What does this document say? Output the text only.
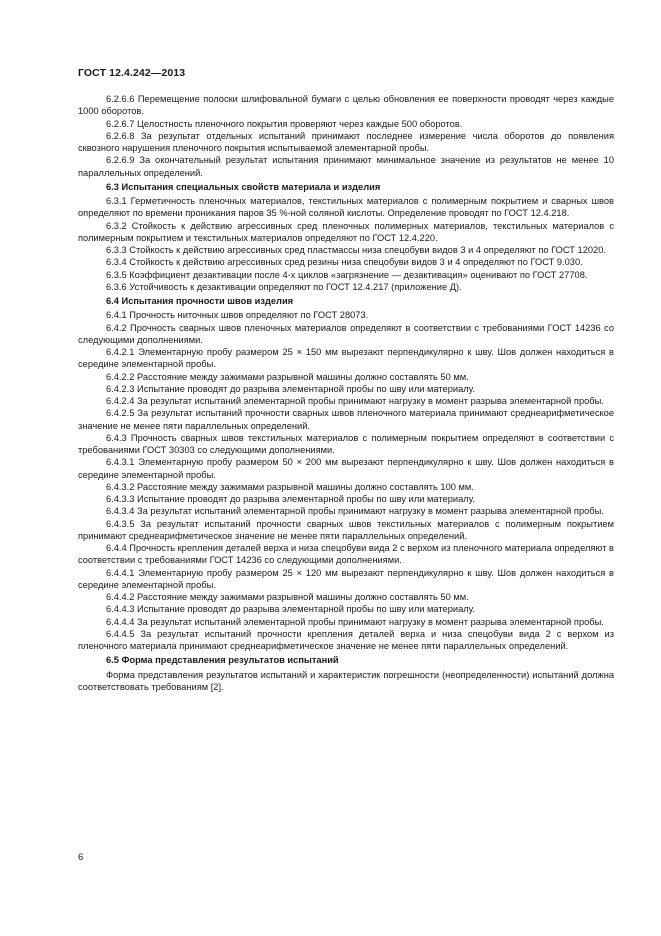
ГОСТ 12.4.242—2013

6.2.6.6 Перемещение полоски шлифовальной бумаги с целью обновления ее поверхности проводят через каждые 1000 оборотов.

6.2.6.7 Целостность пленочного покрытия проверяют через каждые 500 оборотов.

6.2.6.8 За результат отдельных испытаний принимают последнее измерение числа оборотов до появления сквозного нарушения пленочного покрытия испытываемой элементарной пробы.

6.2.6.9 За окончательный результат испытания принимают минимальное значение из результатов не менее 10 параллельных определений.

6.3 Испытания специальных свойств материала и изделия

6.3.1 Герметичность пленочных материалов, текстильных материалов с полимерным покрытием и сварных швов определяют по времени проникания паров 35 %-ной соляной кислоты. Определение проводят по ГОСТ 12.4.218.

6.3.2 Стойкость к действию агрессивных сред пленочных полимерных материалов, текстильных материалов с полимерным покрытием и текстильных материалов определяют по ГОСТ 12.4.220.

6.3.3 Стойкость к действию агрессивных сред пластмассы низа спецобуви видов 3 и 4 определяют по ГОСТ 12020.

6.3.4 Стойкость к действию агрессивных сред резины низа спецобуви видов 3 и 4 определяют по ГОСТ 9.030.

6.3.5 Коэффициент дезактивации после 4-х циклов «загрязнение — дезактивация» оценивают по ГОСТ 27708.

6.3.6 Устойчивость к дезактивации определяют по ГОСТ 12.4.217 (приложение Д).

6.4 Испытания прочности швов изделия

6.4.1 Прочность ниточных швов определяют по ГОСТ 28073.

6.4.2 Прочность сварных швов пленочных материалов определяют в соответствии с требованиями ГОСТ 14236 со следующими дополнениями.

6.4.2.1 Элементарную пробу размером 25 × 150 мм вырезают перпендикулярно к шву. Шов должен находиться в середине элементарной пробы.

6.4.2.2 Расстояние между зажимами разрывной машины должно составлять 50 мм.

6.4.2.3 Испытание проводят до разрыва элементарной пробы по шву или материалу.

6.4.2.4 За результат испытаний элементарной пробы принимают нагрузку в момент разрыва элементарной пробы.

6.4.2.5 За результат испытаний прочности сварных швов пленочного материала принимают среднеарифметическое значение не менее пяти параллельных определений.

6.4.3 Прочность сварных швов текстильных материалов с полимерным покрытием определяют в соответствии с требованиями ГОСТ 30303 со следующими дополнениями.

6.4.3.1 Элементарную пробу размером 50 × 200 мм вырезают перпендикулярно к шву. Шов должен находиться в середине элементарной пробы.

6.4.3.2 Расстояние между зажимами разрывной машины должно составлять 100 мм.

6.4.3.3 Испытание проводят до разрыва элементарной пробы по шву или материалу.

6.4.3.4 За результат испытаний элементарной пробы принимают нагрузку в момент разрыва элементарной пробы.

6.4.3.5 За результат испытаний прочности сварных швов текстильных материалов с полимерным покрытием принимают среднеарифметическое значение не менее пяти параллельных определений.

6.4.4 Прочность крепления деталей верха и низа спецобуви вида 2 с верхом из пленочного материала определяют в соответствии с требованиями ГОСТ 14236 со следующими дополнениями.

6.4.4.1 Элементарную пробу размером 25 × 120 мм вырезают перпендикулярно к шву. Шов должен находиться в середине элементарной пробы.

6.4.4.2 Расстояние между зажимами разрывной машины должно составлять 50 мм.

6.4.4.3 Испытание проводят до разрыва элементарной пробы по шву или материалу.

6.4.4.4 За результат испытаний элементарной пробы принимают нагрузку в момент разрыва элементарной пробы.

6.4.4.5 За результат испытаний прочности крепления деталей верха и низа спецобуви вида 2 с верхом из пленочного материала принимают среднеарифметическое значение не менее пяти параллельных определений.

6.5 Форма представления результатов испытаний

Форма представления результатов испытаний и характеристик погрешности (неопределенности) испытаний должна соответствовать требованиям [2].

6
